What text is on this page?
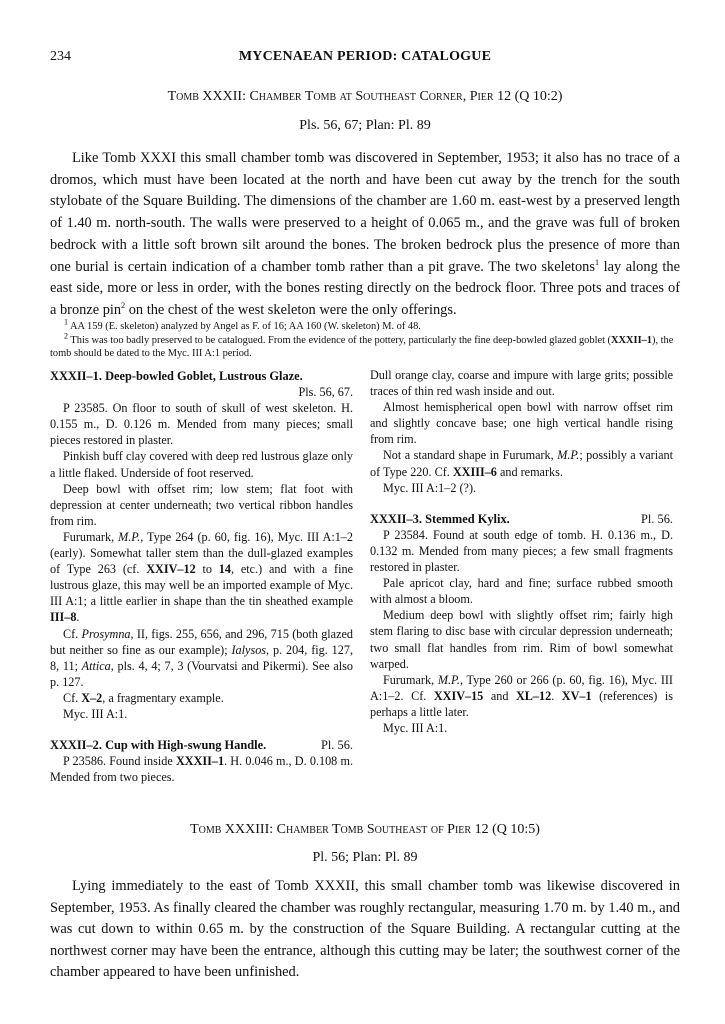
234	MYCENAEAN PERIOD: CATALOGUE
Tomb XXXII: Chamber Tomb at Southeast Corner, Pier 12 (Q 10:2)
Pls. 56, 67; Plan: Pl. 89

Like Tomb XXXI this small chamber tomb was discovered in September, 1953; it also has no trace of a dromos, which must have been located at the north and have been cut away by the trench for the south stylobate of the Square Building. The dimensions of the chamber are 1.60 m. east-west by a preserved length of 1.40 m. north-south. The walls were preserved to a height of 0.065 m., and the grave was full of broken bedrock with a little soft brown silt around the bones. The broken bedrock plus the presence of more than one burial is certain indication of a chamber tomb rather than a pit grave. The two skeletons$^1$ lay along the east side, more or less in order, with the bones resting directly on the bedrock floor. Three pots and traces of a bronze pin$^2$ on the chest of the west skeleton were the only offerings.

$^1$ AA 159 (E. skeleton) analyzed by Angel as F. of 16; AA 160 (W. skeleton) M. of 48.

$^2$ This was too badly preserved to be catalogued. From the evidence of the pottery, particularly the fine deep-bowled glazed goblet (XXXII–1), the tomb should be dated to the Myc. III A:1 period.

XXXII–1. Deep-bowled Goblet, Lustrous Glaze.

Pls. 56, 67.

P 23585. On floor to south of skull of west skeleton. H. 0.155 m., D. 0.126 m. Mended from many pieces; small pieces restored in plaster.

Pinkish buff clay covered with deep red lustrous glaze only a little flaked. Underside of foot reserved.

Deep bowl with offset rim; low stem; flat foot with depression at center underneath; two vertical ribbon handles from rim.

Furumark, M.P., Type 264 (p. 60, fig. 16), Myc. III A:1–2 (early). Somewhat taller stem than the dull-glazed examples of Type 263 (cf. XXIV–12 to 14, etc.) and with a fine lustrous glaze, this may well be an imported example of Myc. III A:1; a little earlier in shape than the tin sheathed example III–8.

Cf. Prosymna, II, figs. 255, 656, and 296, 715 (both glazed but neither so fine as our example); Ialysos, p. 204, fig. 127, 8, 11; Attica, pls. 4, 4; 7, 3 (Vourvatsi and Pikermi). See also p. 127.

Cf. X–2, a fragmentary example.

Myc. III A:1.

XXXII–2. Cup with High-swung Handle.	Pl. 56.

P 23586. Found inside XXXII–1. H. 0.046 m., D. 0.108 m. Mended from two pieces.

Dull orange clay, coarse and impure with large grits; possible traces of thin red wash inside and out.

Almost hemispherical open bowl with narrow offset rim and slightly concave base; one high vertical handle rising from rim.

Not a standard shape in Furumark, M.P.; possibly a variant of Type 220. Cf. XXIII–6 and remarks.

Myc. III A:1–2 (?).

XXXII–3. Stemmed Kylix.	Pl. 56.

P 23584. Found at south edge of tomb. H. 0.136 m., D. 0.132 m. Mended from many pieces; a few small fragments restored in plaster.

Pale apricot clay, hard and fine; surface rubbed smooth with almost a bloom.

Medium deep bowl with slightly offset rim; fairly high stem flaring to disc base with circular depression underneath; two small flat handles from rim. Rim of bowl somewhat warped.

Furumark, M.P., Type 260 or 266 (p. 60, fig. 16), Myc. III A:1–2. Cf. XXIV–15 and XL–12. XV–1 (references) is perhaps a little later.

Myc. III A:1.

Tomb XXXIII: Chamber Tomb Southeast of Pier 12 (Q 10:5)
Pl. 56; Plan: Pl. 89

Lying immediately to the east of Tomb XXXII, this small chamber tomb was likewise discovered in September, 1953. As finally cleared the chamber was roughly rectangular, measuring 1.70 m. by 1.40 m., and was cut down to within 0.65 m. by the construction of the Square Building. A rectangular cutting at the northwest corner may have been the entrance, although this cutting may be later; the southwest corner of the chamber appeared to have been unfinished.
